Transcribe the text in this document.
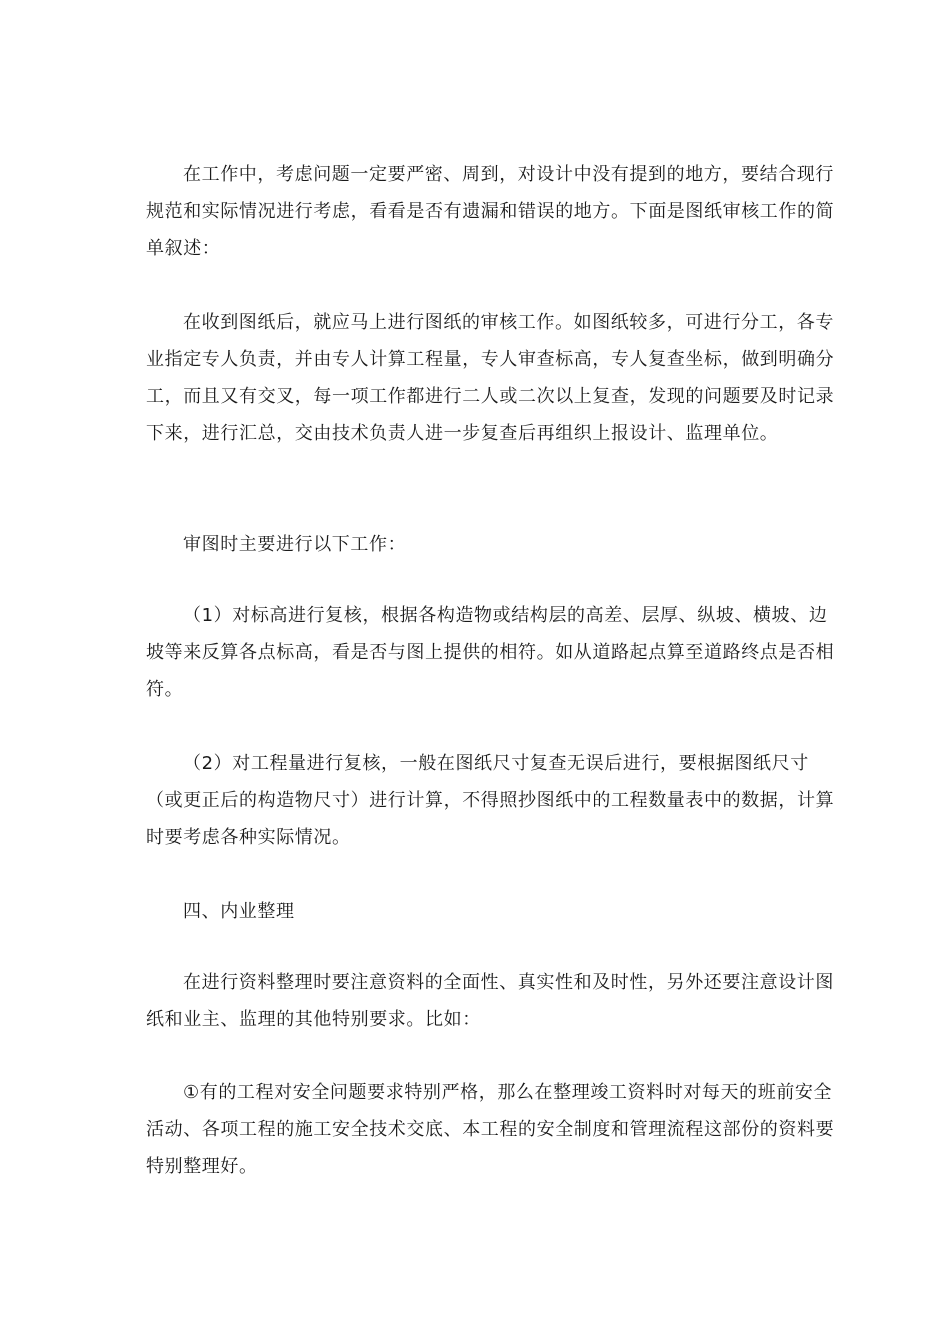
在工作中，考虑问题一定要严密、周到，对设计中没有提到的地方，要结合现行规范和实际情况进行考虑，看看是否有遗漏和错误的地方。下面是图纸审核工作的简单叙述：

在收到图纸后，就应马上进行图纸的审核工作。如图纸较多，可进行分工，各专业指定专人负责，并由专人计算工程量，专人审查标高，专人复查坐标，做到明确分工，而且又有交叉，每一项工作都进行二人或二次以上复查，发现的问题要及时记录下来，进行汇总，交由技术负责人进一步复查后再组织上报设计、监理单位。

审图时主要进行以下工作：

（1）对标高进行复核，根据各构造物或结构层的高差、层厚、纵坡、横坡、边坡等来反算各点标高，看是否与图上提供的相符。如从道路起点算至道路终点是否相符。

（2）对工程量进行复核，一般在图纸尺寸复查无误后进行，要根据图纸尺寸（或更正后的构造物尺寸）进行计算，不得照抄图纸中的工程数量表中的数据，计算时要考虑各种实际情况。

四、内业整理

在进行资料整理时要注意资料的全面性、真实性和及时性，另外还要注意设计图纸和业主、监理的其他特别要求。比如：

①有的工程对安全问题要求特别严格，那么在整理竣工资料时对每天的班前安全活动、各项工程的施工安全技术交底、本工程的安全制度和管理流程这部份的资料要特别整理好。
